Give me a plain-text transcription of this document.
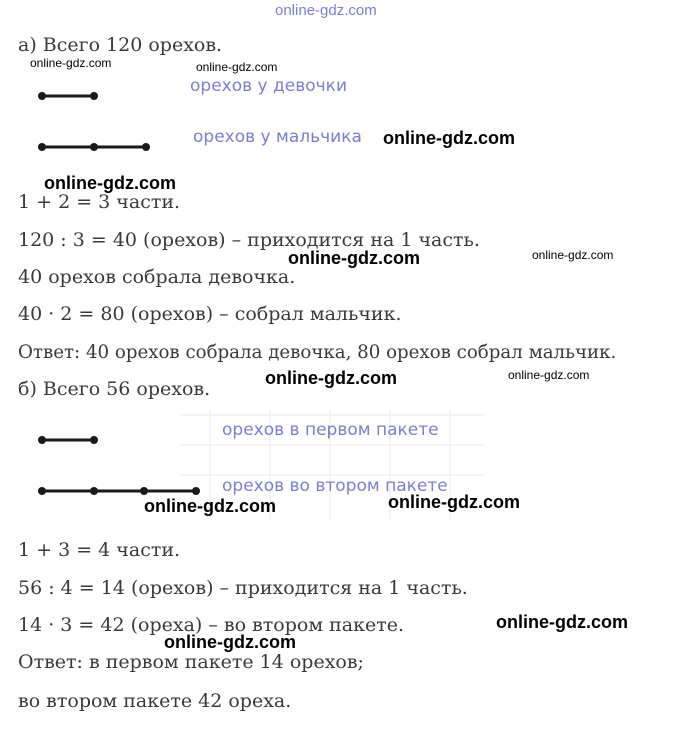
online-gdz.com
а) Всего 120 орехов.
online-gdz.com	online-gdz.com
орехов у девочки
орехов у мальчика online-gdz.com
online-gdz.com
1 + 2 = 3 части.
120 : 3 = 40 (орехов) – приходится на 1 часть.
online-gdz.com	online-gdz.com
40 орехов собрала девочка.
40 · 2 = 80 (орехов) – собрал мальчик.
Ответ: 40 орехов собрала девочка, 80 орехов собрал мальчик.
online-gdz.com	online-gdz.com
б) Всего 56 орехов.
орехов в первом пакете
орехов во втором пакете
online-gdz.com
online-gdz.com
1 + 3 = 4 части.
56 : 4 = 14 (орехов) – приходится на 1 часть.
online-gdz.com
14 · 3 = 42 (ореха) – во втором пакете.
online-gdz.com
Ответ: в первом пакете 14 орехов;
во втором пакете 42 ореха.
